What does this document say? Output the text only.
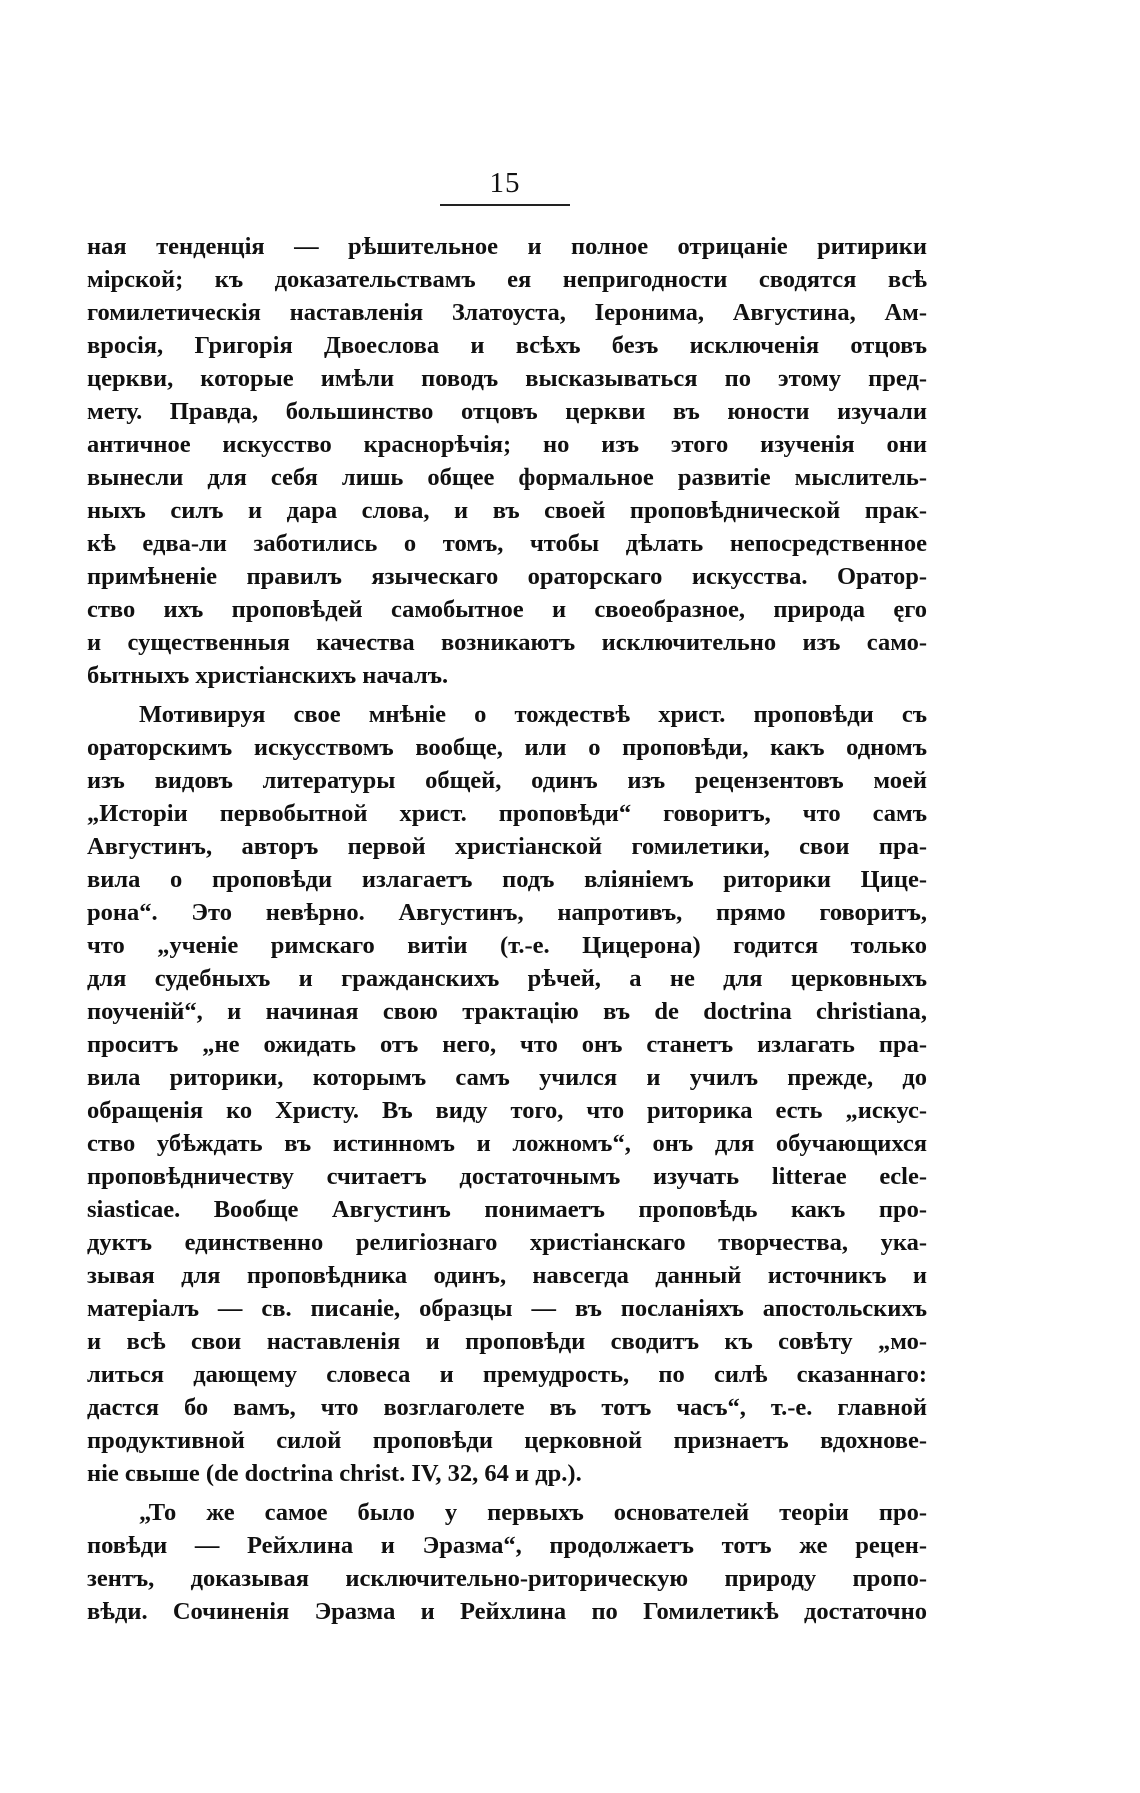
15
ная тенденція — рѣшительное и полное отрицаніе ритирики
мірской; къ доказательствамъ ея непригодности сводятся всѣ
гомилетическія наставленія Златоуста, Іеронима, Августина, Ам-
вросія, Григорія Двоеслова и всѣхъ безъ исключенія отцовъ
церкви, которые имѣли поводъ высказываться по этому пред-
мету. Правда, большинство отцовъ церкви въ юности изучали
античное искусство краснорѣчія; но изъ этого изученія они
вынесли для себя лишь общее формальное развитіе мыслитель-
ныхъ силъ и дара слова, и въ своей проповѣднической прак-
кѣ едва-ли заботились о томъ, чтобы дѣлать непосредственное
примѣненіе правилъ языческаго ораторскаго искусства. Оратор-
ство ихъ проповѣдей самобытное и своеобразное, природа ęго
и существенныя качества возникаютъ исключительно изъ само-
бытныхъ христіанскихъ началъ.
Мотивируя свое мнѣніе о тождествѣ христ. проповѣди съ
ораторскимъ искусствомъ вообще, или о проповѣди, какъ одномъ
изъ видовъ литературы общей, одинъ изъ рецензентовъ моей
„Исторіи первобытной христ. проповѣди“ говоритъ, что самъ
Августинъ, авторъ первой христіанской гомилетики, свои пра-
вила о проповѣди излагаетъ подъ вліяніемъ риторики Цице-
рона“. Это невѣрно. Августинъ, напротивъ, прямо говоритъ,
что „ученіе римскаго витіи (т.-е. Цицерона) годится только
для судебныхъ и гражданскихъ рѣчей, а не для церковныхъ
поученій“, и начиная свою трактацію въ de doctrina christiana,
проситъ „не ожидать отъ него, что онъ станетъ излагать пра-
вила риторики, которымъ самъ учился и училъ прежде, до
обращенія ко Христу. Въ виду того, что риторика есть „искус-
ство убѣждать въ истинномъ и ложномъ“, онъ для обучающихся
проповѣдничеству считаетъ достаточнымъ изучать litterae ecle-
siasticae. Вообще Августинъ понимаетъ проповѣдь какъ про-
дуктъ единственно религіознаго христіанскаго творчества, ука-
зывая для проповѣдника одинъ, навсегда данный источникъ и
матеріалъ — св. писаніе, образцы — въ посланіяхъ апостольскихъ
и всѣ свои наставленія и проповѣди сводитъ къ совѣту „мо-
литься дающему словеса и премудрость, по силѣ сказаннаго:
дастся бо вамъ, что возглаголете въ тотъ часъ“, т.-е. главной
продуктивной силой проповѣди церковной признаетъ вдохнове-
ніе свыше (de doctrina christ. IV, 32, 64 и др.).
„То же самое было у первыхъ основателей теоріи про-
повѣди — Рейхлина и Эразма“, продолжаетъ тотъ же рецен-
зентъ, доказывая исключительно-риторическую природу пропо-
вѣди. Сочиненія Эразма и Рейхлина по Гомилетикѣ достаточно
